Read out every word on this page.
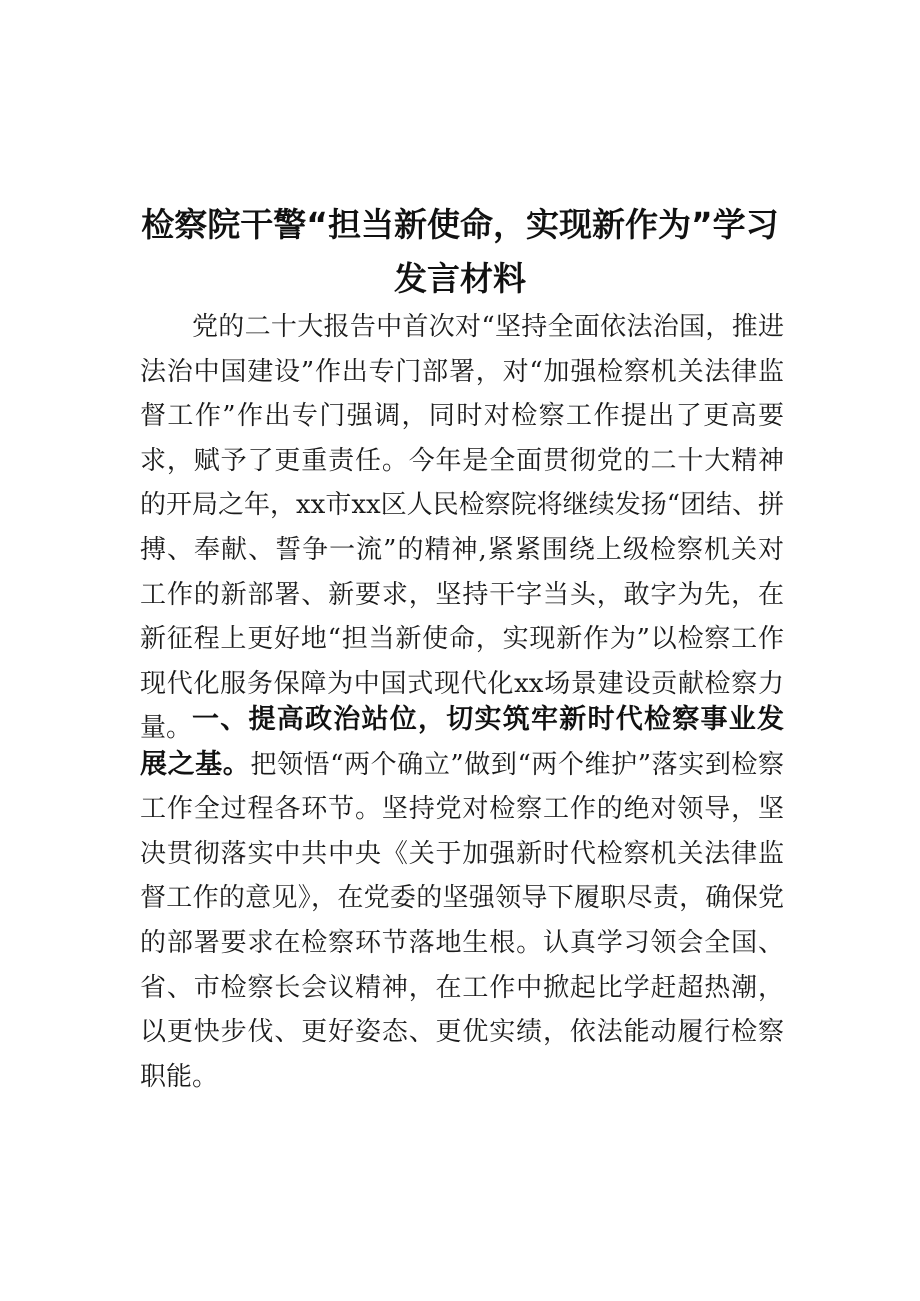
检察院干警“担当新使命，实现新作为”学习发言材料

党的二十大报告中首次对“坚持全面依法治国，推进法治中国建设”作出专门部署，对“加强检察机关法律监督工作”作出专门强调，同时对检察工作提出了更高要求，赋予了更重责任。今年是全面贯彻党的二十大精神的开局之年，xx市xx区人民检察院将继续发扬“团结、拼搏、奉献、誓争一流”的精神,紧紧围绕上级检察机关对工作的新部署、新要求，坚持干字当头，敢字为先，在新征程上更好地“担当新使命，实现新作为”以检察工作现代化服务保障为中国式现代化xx场景建设贡献检察力量。 一、提高政治站位，切实筑牢新时代检察事业发展之基。把领悟“两个确立”做到“两个维护”落实到检察工作全过程各环节。坚持党对检察工作的绝对领导，坚决贯彻落实中共中央《关于加强新时代检察机关法律监督工作的意见》，在党委的坚强领导下履职尽责，确保党的部署要求在检察环节落地生根。认真学习领会全国、省、市检察长会议精神，在工作中掀起比学赶超热潮，以更快步伐、更好姿态、更优实绩，依法能动履行检察职能。
